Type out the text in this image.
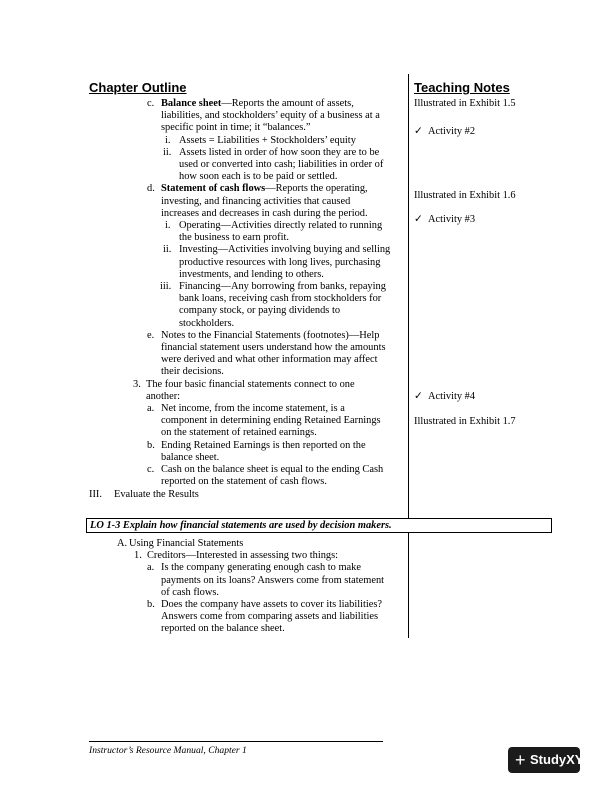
Chapter Outline	Teaching Notes
c. Balance sheet—Reports the amount of assets,
liabilities, and stockholders’ equity of a business at a
specific point in time; it “balances.”
i. Assets = Liabilities + Stockholders’ equity
ii. Assets listed in order of how soon they are to be
used or converted into cash; liabilities in order of
how soon each is to be paid or settled.
d. Statement of cash flows—Reports the operating,
investing, and financing activities that caused
increases and decreases in cash during the period.
i. Operating—Activities directly related to running
the business to earn profit.
ii. Investing—Activities involving buying and selling
productive resources with long lives, purchasing
investments, and lending to others.
iii. Financing—Any borrowing from banks, repaying
bank loans, receiving cash from stockholders for
company stock, or paying dividends to
stockholders.
e. Notes to the Financial Statements (footnotes)—Help
financial statement users understand how the amounts
were derived and what other information may affect
their decisions.
3. The four basic financial statements connect to one
another:
a. Net income, from the income statement, is a
component in determining ending Retained Earnings
on the statement of retained earnings.
b. Ending Retained Earnings is then reported on the
balance sheet.
c. Cash on the balance sheet is equal to the ending Cash
reported on the statement of cash flows.
III. Evaluate the Results
Illustrated in Exhibit 1.5
✓ Activity #2
Illustrated in Exhibit 1.6
✓ Activity #3
✓ Activity #4
Illustrated in Exhibit 1.7
LO 1-3 Explain how financial statements are used by decision makers.
A. Using Financial Statements
1. Creditors—Interested in assessing two things:
a. Is the company generating enough cash to make
payments on its loans? Answers come from statement
of cash flows.
b. Does the company have assets to cover its liabilities?
Answers come from comparing assets and liabilities
reported on the balance sheet.
Instructor’s Resource Manual, Chapter 1	+ StudyXY
